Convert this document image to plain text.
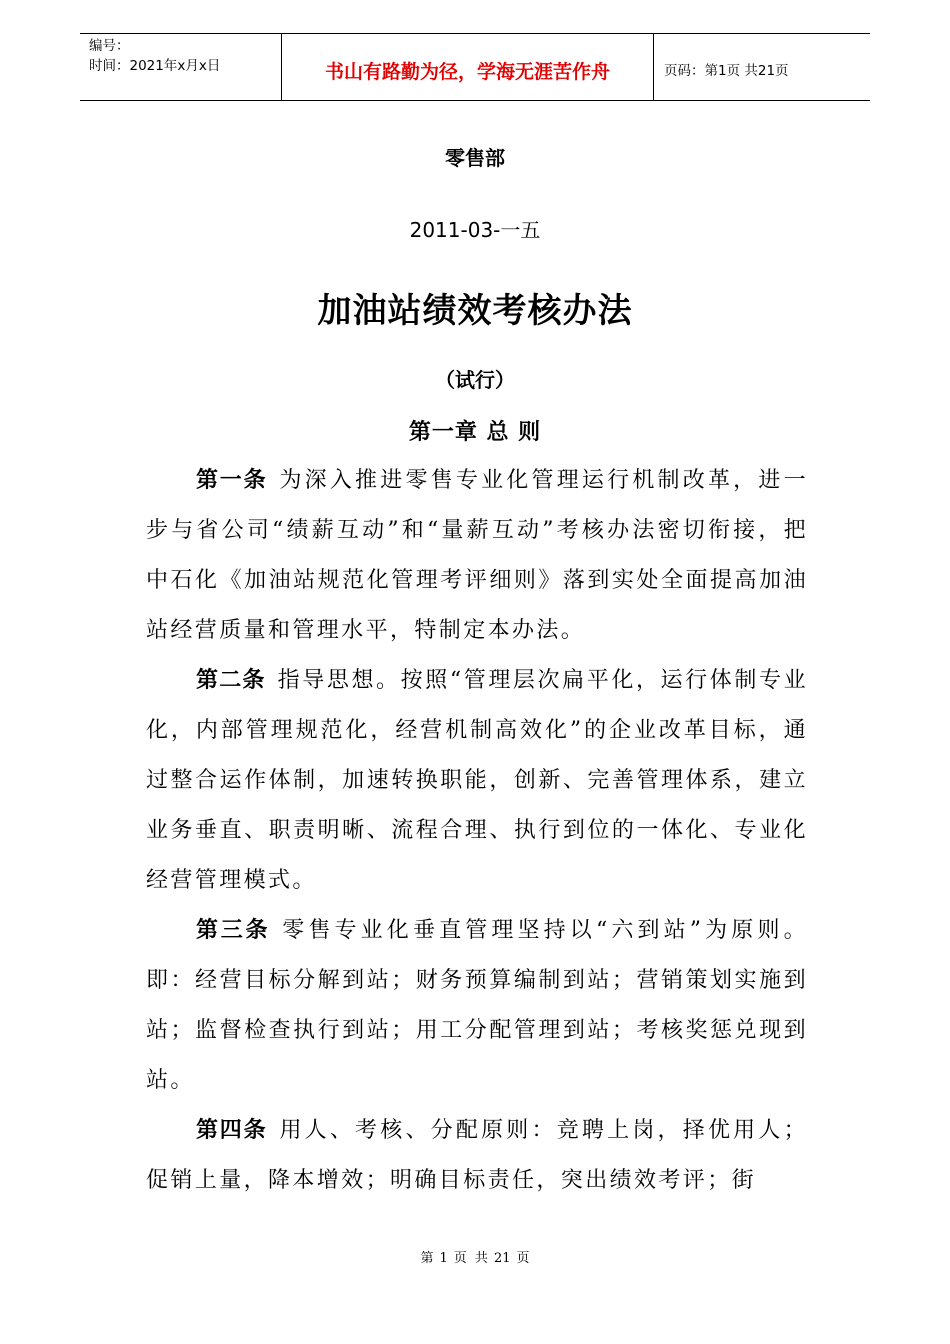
编号：
时间：2021年x月x日	书山有路勤为径，学海无涯苦作舟	页码：第1页 共21页
零售部
2011-03-一五
加油站绩效考核办法
（试行）
第一章 总 则

第一条 为深入推进零售专业化管理运行机制改革，进一步与省公司“绩薪互动”和“量薪互动”考核办法密切衔接，把中石化《加油站规范化管理考评细则》落到实处全面提高加油站经营质量和管理水平，特制定本办法。

第二条 指导思想。按照“管理层次扁平化，运行体制专业化，内部管理规范化，经营机制高效化”的企业改革目标，通过整合运作体制，加速转换职能，创新、完善管理体系，建立业务垂直、职责明晰、流程合理、执行到位的一体化、专业化经营管理模式。

第三条 零售专业化垂直管理坚持以“六到站”为原则。即：经营目标分解到站；财务预算编制到站；营销策划实施到站；监督检查执行到站；用工分配管理到站；考核奖惩兑现到站。

第四条 用人、考核、分配原则：竞聘上岗，择优用人；促销上量，降本增效；明确目标责任，突出绩效考评；街

第 1 页 共 21 页
